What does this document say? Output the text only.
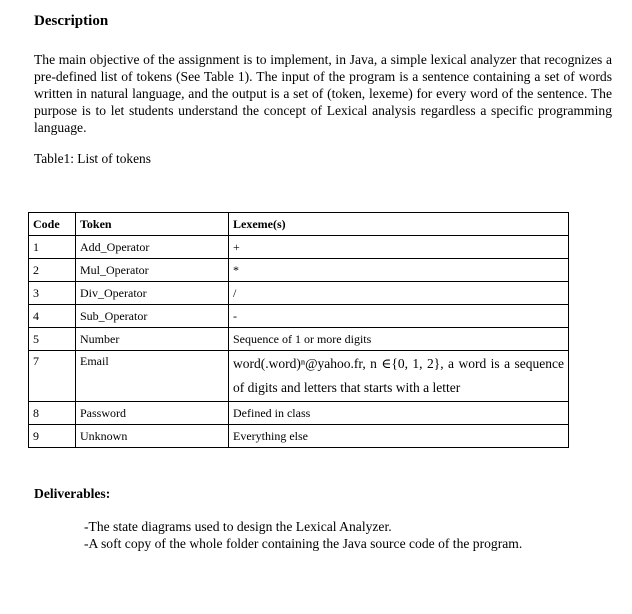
Description
The main objective of the assignment is to implement, in Java, a simple lexical analyzer that recognizes a pre-defined list of tokens (See Table 1). The input of the program is a sentence containing a set of words written in natural language, and the output is a set of (token, lexeme) for every word of the sentence. The purpose is to let students understand the concept of Lexical analysis regardless a specific programming language.
Table1: List of tokens
Code	Token	Lexeme(s)
1	Add_Operator	+
2	Mul_Operator	*
3	Div_Operator	/
4	Sub_Operator	-
5	Number	Sequence of 1 or more digits
7	Email	word(.word)ⁿ@yahoo.fr, n ∈{0, 1, 2}, a word is a sequence of digits and letters that starts with a letter
8	Password	Defined in class
9	Unknown	Everything else
Deliverables:
-The state diagrams used to design the Lexical Analyzer.
-A soft copy of the whole folder containing the Java source code of the program.
